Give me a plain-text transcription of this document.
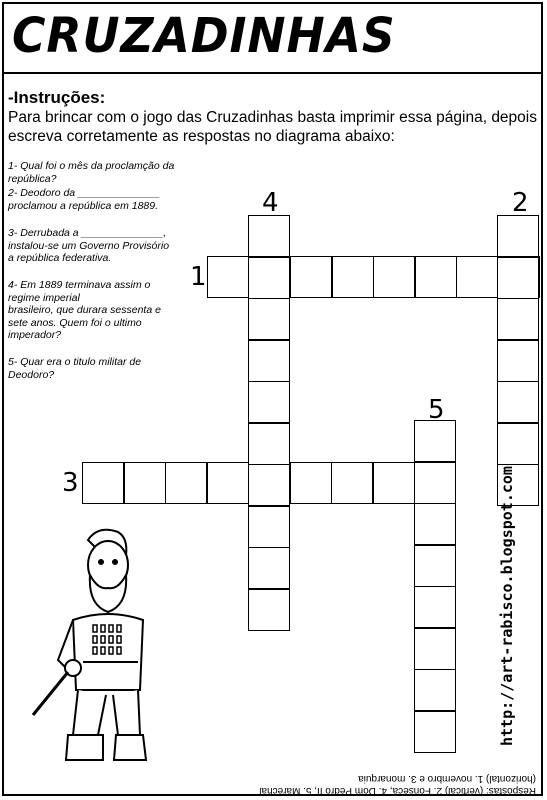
CRUZADINHAS
-Instruções:
Para brincar com o jogo das Cruzadinhas basta imprimir essa página, depois escreva corretamente as respostas no diagrama abaixo:
1- Qual foi o mês da proclamção da república?
2- Deodoro da ______________
proclamou a república em 1889.
3- Derrubada a ______________,
instalou-se um Governo Provisório
a república federativa.
4- Em 1889 terminava assim o
regime imperial
brasileiro, que durara sessenta e
sete anos. Quem foi o ultimo
imperador?
5- Quar era o titulo militar de Deodoro?
1
2
3
4
5
http://art-rabisco.blogspot.com
Respostas: (vertical) 2. Fonseca, 4. Dom Pedro II, 5. Marechal
(horizontal) 1. novembro e 3. monarquia
